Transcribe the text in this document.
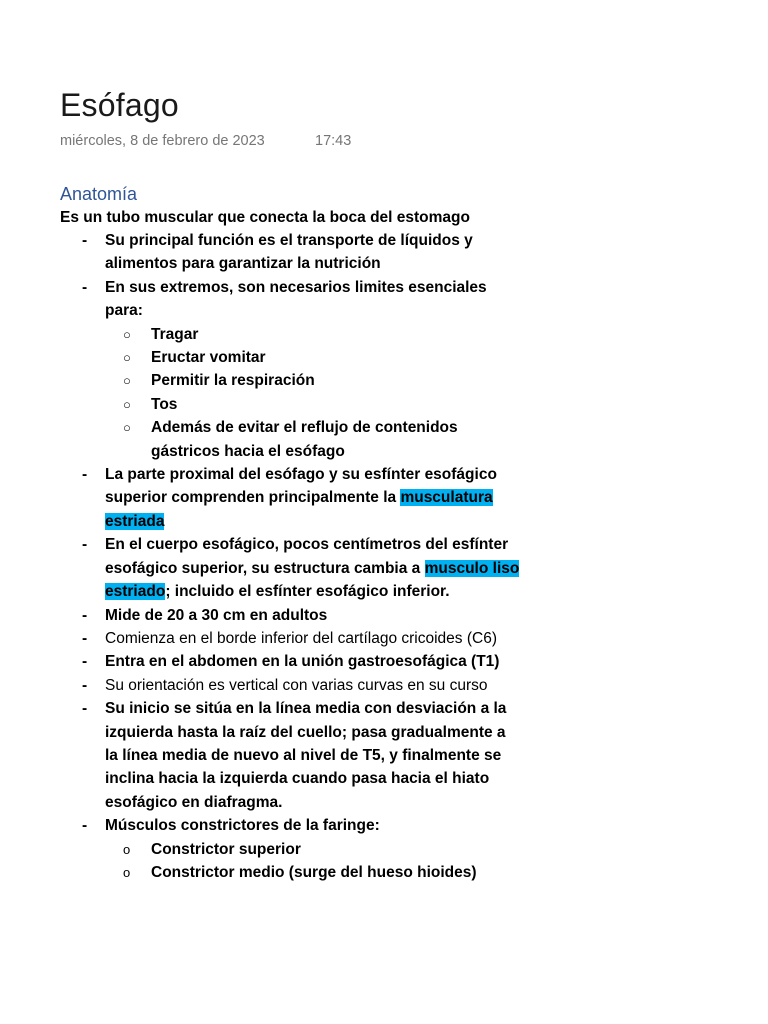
Esófago
miércoles, 8 de febrero de 2023	17:43
Anatomía
Es un tubo muscular que conecta la boca del estomago
- Su principal función es el transporte de líquidos y alimentos para garantizar la nutrición
- En sus extremos, son necesarios limites esenciales para:
○ Tragar
○ Eructar vomitar
○ Permitir la respiración
○ Tos
○ Además de evitar el reflujo de contenidos gástricos hacia el esófago
- La parte proximal del esófago y su esfínter esofágico superior comprenden principalmente la musculatura estriada
- En el cuerpo esofágico, pocos centímetros del esfínter esofágico superior, su estructura cambia a musculo liso estriado; incluido el esfínter esofágico inferior.
- Mide de 20 a 30 cm en adultos
- Comienza en el borde inferior del cartílago cricoides (C6)
- Entra en el abdomen en la unión gastroesofágica (T1)
- Su orientación es vertical con varias curvas en su curso
- Su inicio se sitúa en la línea media con desviación a la izquierda hasta la raíz del cuello; pasa gradualmente a la línea media de nuevo al nivel de T5, y finalmente se inclina hacia la izquierda cuando pasa hacia el hiato esofágico en diafragma.
- Músculos constrictores de la faringe:
o Constrictor superior
o Constrictor medio (surge del hueso hioides)
